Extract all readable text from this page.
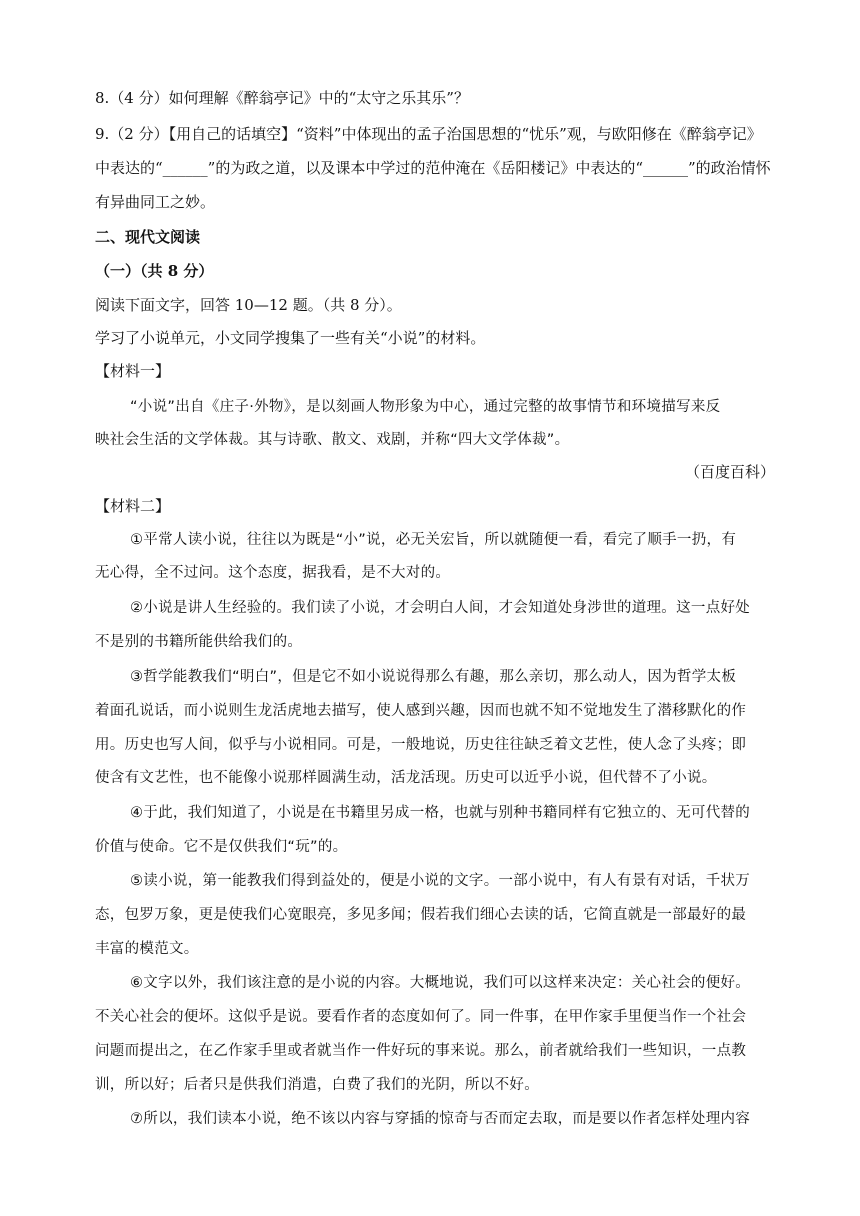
8.（4 分）如何理解《醉翁亭记》中的“太守之乐其乐”？
9.（2 分）【用自己的话填空】“资料”中体现出的孟子治国思想的“忧乐”观，与欧阳修在《醉翁亭记》
中表达的“______”的为政之道，以及课本中学过的范仲淹在《岳阳楼记》中表达的“______”的政治情怀
有异曲同工之妙。
二、现代文阅读
（一）（共 8 分）
阅读下面文字，回答 10—12 题。（共 8 分）。
学习了小说单元，小文同学搜集了一些有关“小说”的材料。
【材料一】
“小说”出自《庄子·外物》，是以刻画人物形象为中心，通过完整的故事情节和环境描写来反
映社会生活的文学体裁。其与诗歌、散文、戏剧，并称“四大文学体裁”。
（百度百科）
【材料二】
①平常人读小说，往往以为既是“小”说，必无关宏旨，所以就随便一看，看完了顺手一扔，有
无心得，全不过问。这个态度，据我看，是不大对的。
②小说是讲人生经验的。我们读了小说，才会明白人间，才会知道处身涉世的道理。这一点好处
不是别的书籍所能供给我们的。
③哲学能教我们“明白”，但是它不如小说说得那么有趣，那么亲切，那么动人，因为哲学太板
着面孔说话，而小说则生龙活虎地去描写，使人感到兴趣，因而也就不知不觉地发生了潜移默化的作
用。历史也写人间，似乎与小说相同。可是，一般地说，历史往往缺乏着文艺性，使人念了头疼；即
使含有文艺性，也不能像小说那样圆满生动，活龙活现。历史可以近乎小说，但代替不了小说。
④于此，我们知道了，小说是在书籍里另成一格，也就与别种书籍同样有它独立的、无可代替的
价值与使命。它不是仅供我们“玩”的。
⑤读小说，第一能教我们得到益处的，便是小说的文字。一部小说中，有人有景有对话，千状万
态，包罗万象，更是使我们心宽眼亮，多见多闻；假若我们细心去读的话，它简直就是一部最好的最
丰富的模范文。
⑥文字以外，我们该注意的是小说的内容。大概地说，我们可以这样来决定：关心社会的便好。
不关心社会的便坏。这似乎是说。要看作者的态度如何了。同一件事，在甲作家手里便当作一个社会
问题而提出之，在乙作家手里或者就当作一件好玩的事来说。那么，前者就给我们一些知识，一点教
训，所以好；后者只是供我们消遣，白费了我们的光阴，所以不好。
⑦所以，我们读本小说，绝不该以内容与穿插的惊奇与否而定去取，而是要以作者怎样处理内容
